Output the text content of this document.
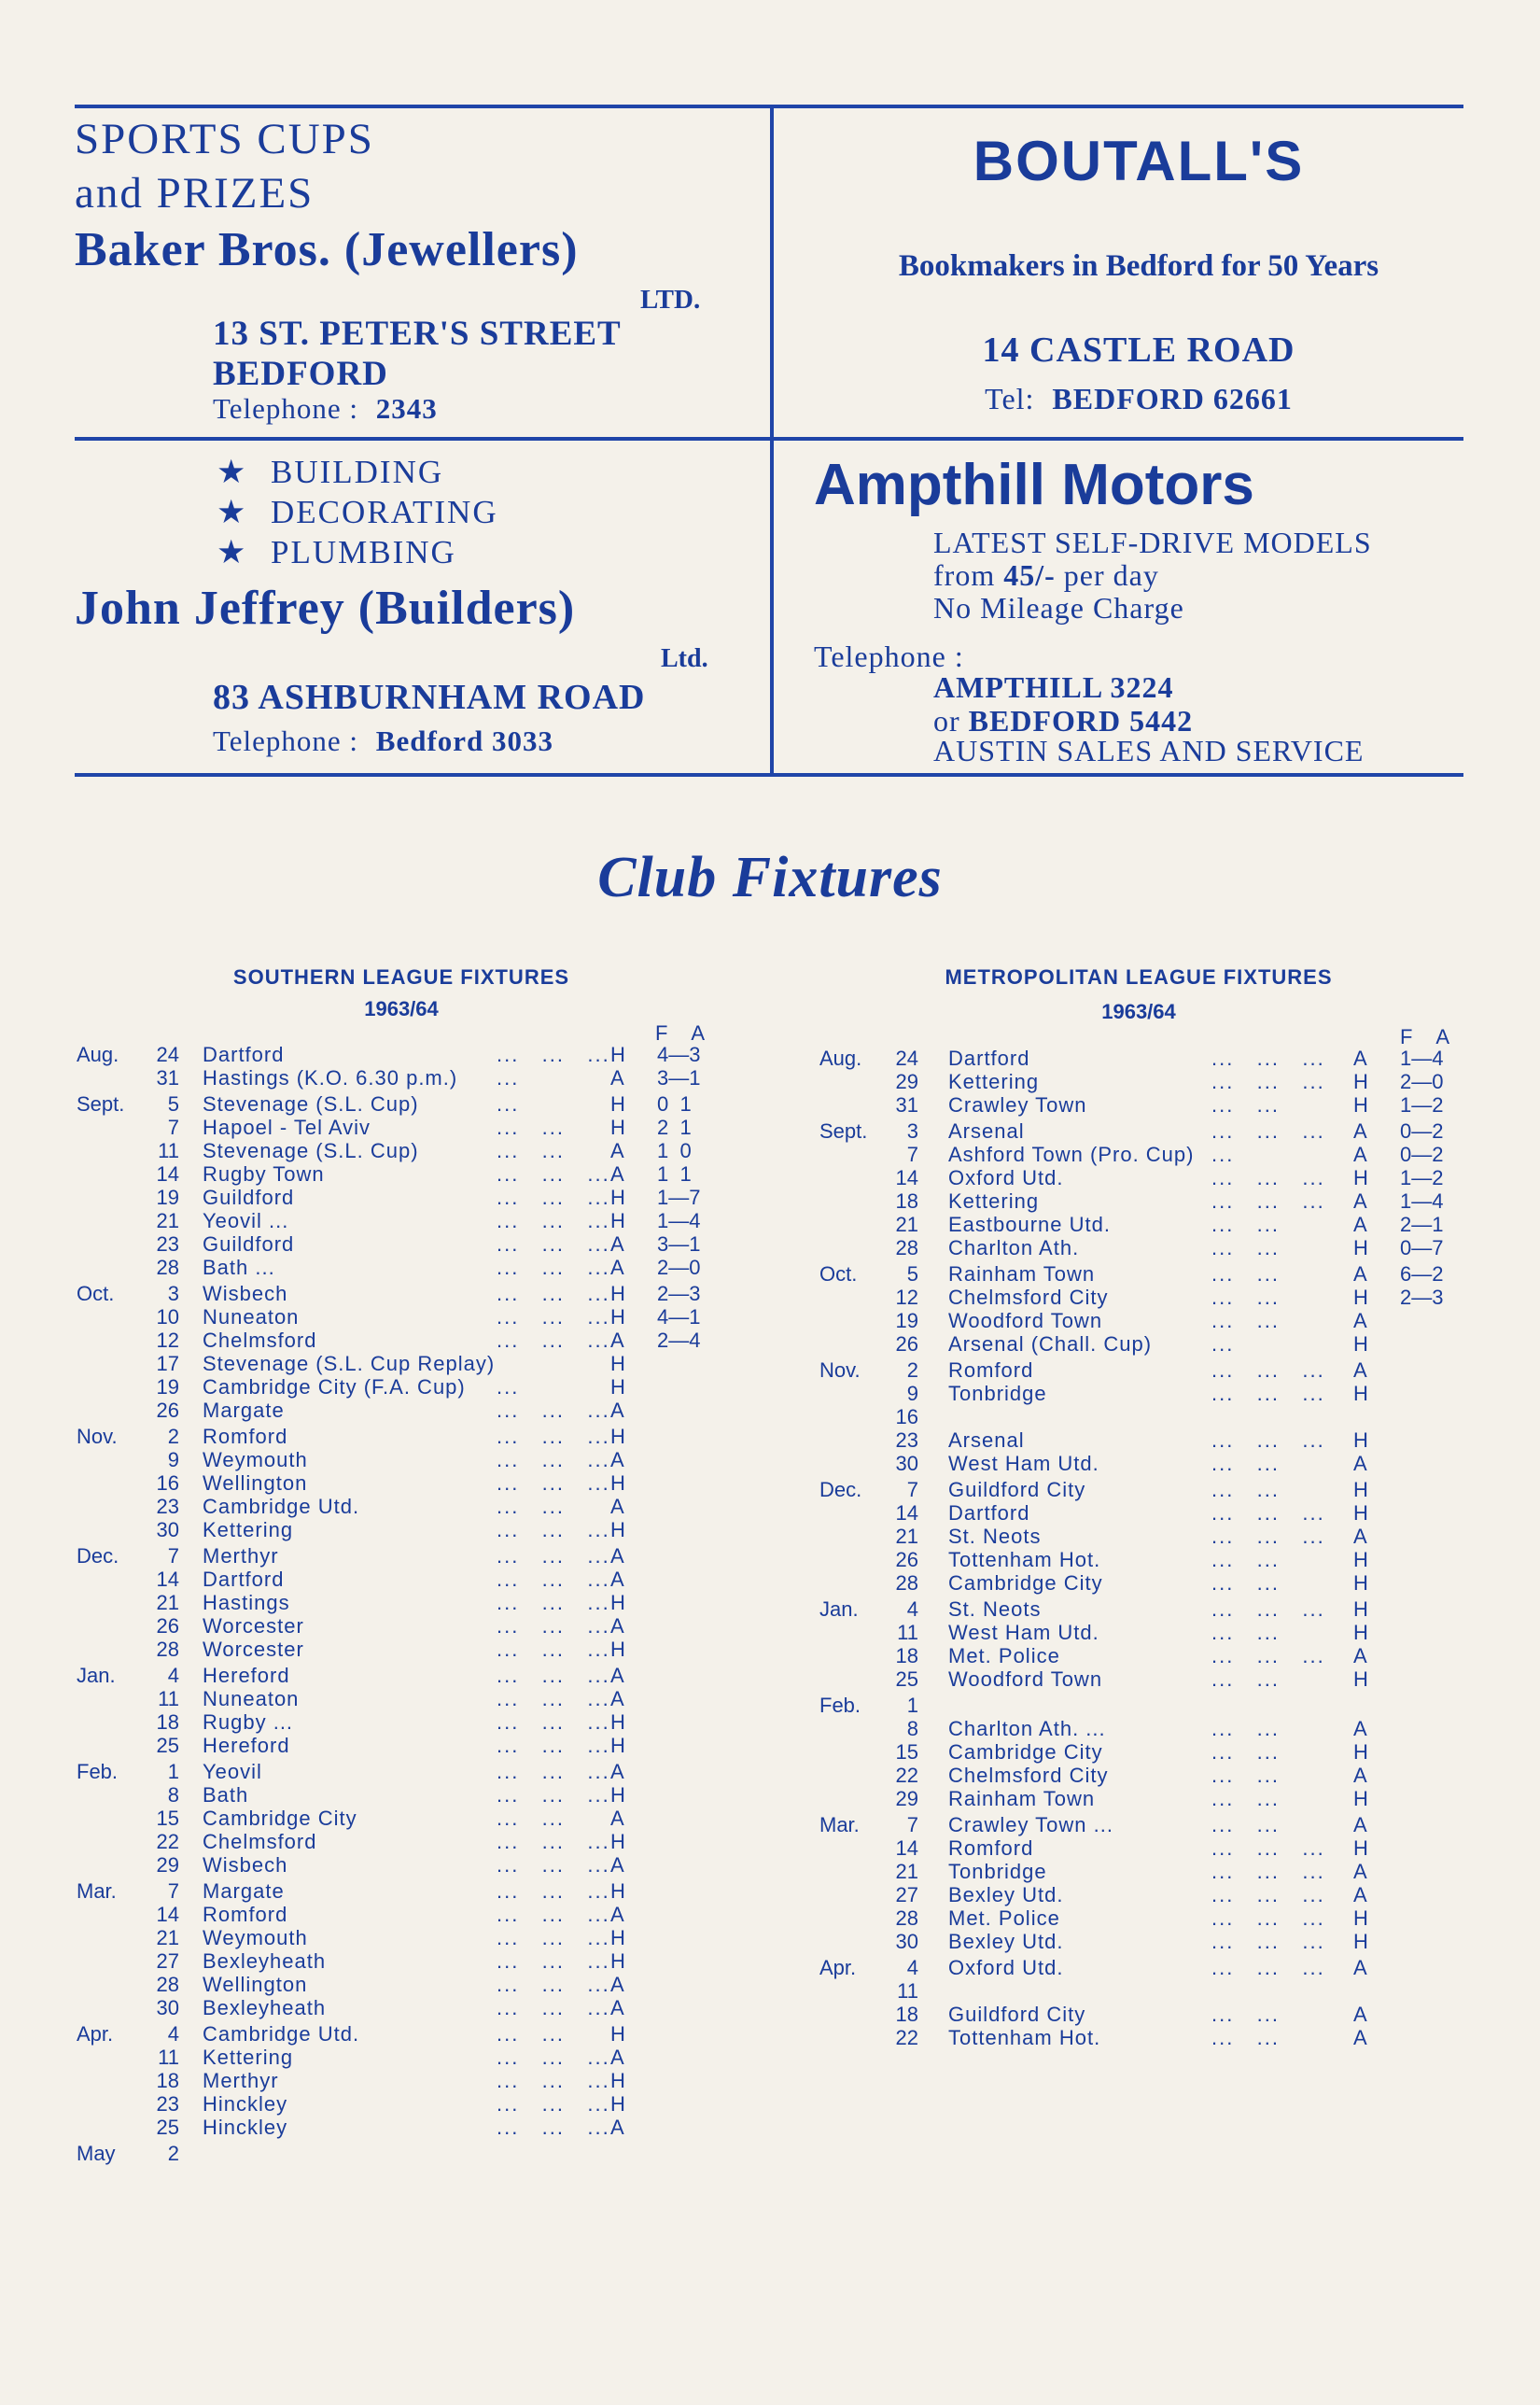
SPORTS CUPS
and PRIZES
Baker Bros. (Jewellers)
LTD.
13 ST. PETER'S STREET
BEDFORD
Telephone : 2343
BOUTALL'S
Bookmakers in Bedford for 50 Years
14 CASTLE ROAD
Tel: BEDFORD 62661
★ BUILDING
★ DECORATING
★ PLUMBING
John Jeffrey (Builders)
Ltd.
83 ASHBURNHAM ROAD
Telephone : Bedford 3033
Ampthill Motors
LATEST SELF-DRIVE MODELS
from 45/- per day
No Mileage Charge
Telephone :
AMPTHILL 3224
or BEDFORD 5442
AUSTIN SALES AND SERVICE
Club Fixtures
SOUTHERN LEAGUE FIXTURES
1963/64
F A
METROPOLITAN LEAGUE FIXTURES
1963/64
F A
Aug.	24 Dartford	...   ...   ... H 4—3
31 Hastings (K.O. 6.30 p.m.) ...	A 3—1
Sept.	5 Stevenage (S.L. Cup)	...	H 0  1
7 Hapoel - Tel Aviv	...   ... H 2  1
11 Stevenage (S.L. Cup)	...   ... A 1  0
14 Rugby Town	...   ...   ... A 1  1
19 Guildford	...   ...   ... H 1—7
21 Yeovil ...	...   ...   ... H 1—4
23 Guildford	...   ...   ... A 3—1
28 Bath ...	...   ...   ... A 2—0
Oct.	3 Wisbech	...   ...   ... H 2—3
10 Nuneaton	...   ...   ... H 4—1
12 Chelmsford	...   ...   ... A 2—4
17 Stevenage (S.L. Cup Replay)	H
19 Cambridge City (F.A. Cup) ...	H
26 Margate	...   ...   ... A
Nov.	2 Romford	...   ...   ... H
9 Weymouth	...   ...   ... A
16 Wellington	...   ...   ... H
23 Cambridge Utd.	...   ... A
30 Kettering	...   ...   ... H
Dec.	7 Merthyr	...   ...   ... A
14 Dartford	...   ...   ... A
21 Hastings	...   ...   ... H
26 Worcester	...   ...   ... A
28 Worcester	...   ...   ... H
Jan.	4 Hereford	...   ...   ... A
11 Nuneaton	...   ...   ... A
18 Rugby ...	...   ...   ... H
25 Hereford	...   ...   ... H
Feb.	1 Yeovil	...   ...   ... A
8 Bath	...   ...   ... H
15 Cambridge City	...   ... A
22 Chelmsford	...   ...   ... H
29 Wisbech	...   ...   ... A
Mar.	7 Margate	...   ...   ... H
14 Romford	...   ...   ... A
21 Weymouth	...   ...   ... H
27 Bexleyheath	...   ...   ... H
28 Wellington	...   ...   ... A
30 Bexleyheath	...   ...   ... A
Apr.	4 Cambridge Utd.	...   ... H
11 Kettering	...   ...   ... A
18 Merthyr	...   ...   ... H
23 Hinckley	...   ...   ... H
25 Hinckley	...   ...   ... A
May	2
Aug.	24 Dartford	...   ...   ... A 1—4
29 Kettering	...   ...   ... H 2—0
31 Crawley Town	...   ...	H 1—2
Sept.	3 Arsenal	...   ...   ... A 0—2
7 Ashford Town (Pro. Cup) ...	A 0—2
14 Oxford Utd.	...   ...   ... H 1—2
18 Kettering	...   ...   ... A 1—4
21 Eastbourne Utd.	...   ...	A 2—1
28 Charlton Ath.	...   ...	H 0—7
Oct.	5 Rainham Town	...   ...	A 6—2
12 Chelmsford City	...   ...	H 2—3
19 Woodford Town	...   ...	A
26 Arsenal (Chall. Cup)	...	H
Nov.	2 Romford	...   ...   ... A
9 Tonbridge	...   ...   ... H
16
23 Arsenal	...   ...   ... H
30 West Ham Utd.	...   ...	A
Dec.	7 Guildford City	...   ...	H
14 Dartford	...   ...   ... H
21 St. Neots	...   ...   ... A
26 Tottenham Hot.	...   ...	H
28 Cambridge City	...   ...	H
Jan.	4 St. Neots	...   ...   ... H
11 West Ham Utd.	...   ...	H
18 Met. Police	...   ...   ... A
25 Woodford Town	...   ...	H
Feb.	1
8 Charlton Ath. ...	...   ...	A
15 Cambridge City	...   ...	H
22 Chelmsford City	...   ...	A
29 Rainham Town	...   ...	H
Mar.	7 Crawley Town ...	...   ...	A
14 Romford	...   ...   ... H
21 Tonbridge	...   ...   ... A
27 Bexley Utd.	...   ...   ... A
28 Met. Police	...   ...   ... H
30 Bexley Utd.	...   ...   ... H
Apr.	4 Oxford Utd.	...   ...   ... A
11
18 Guildford City	...   ...	A
22 Tottenham Hot.	...   ...	A
